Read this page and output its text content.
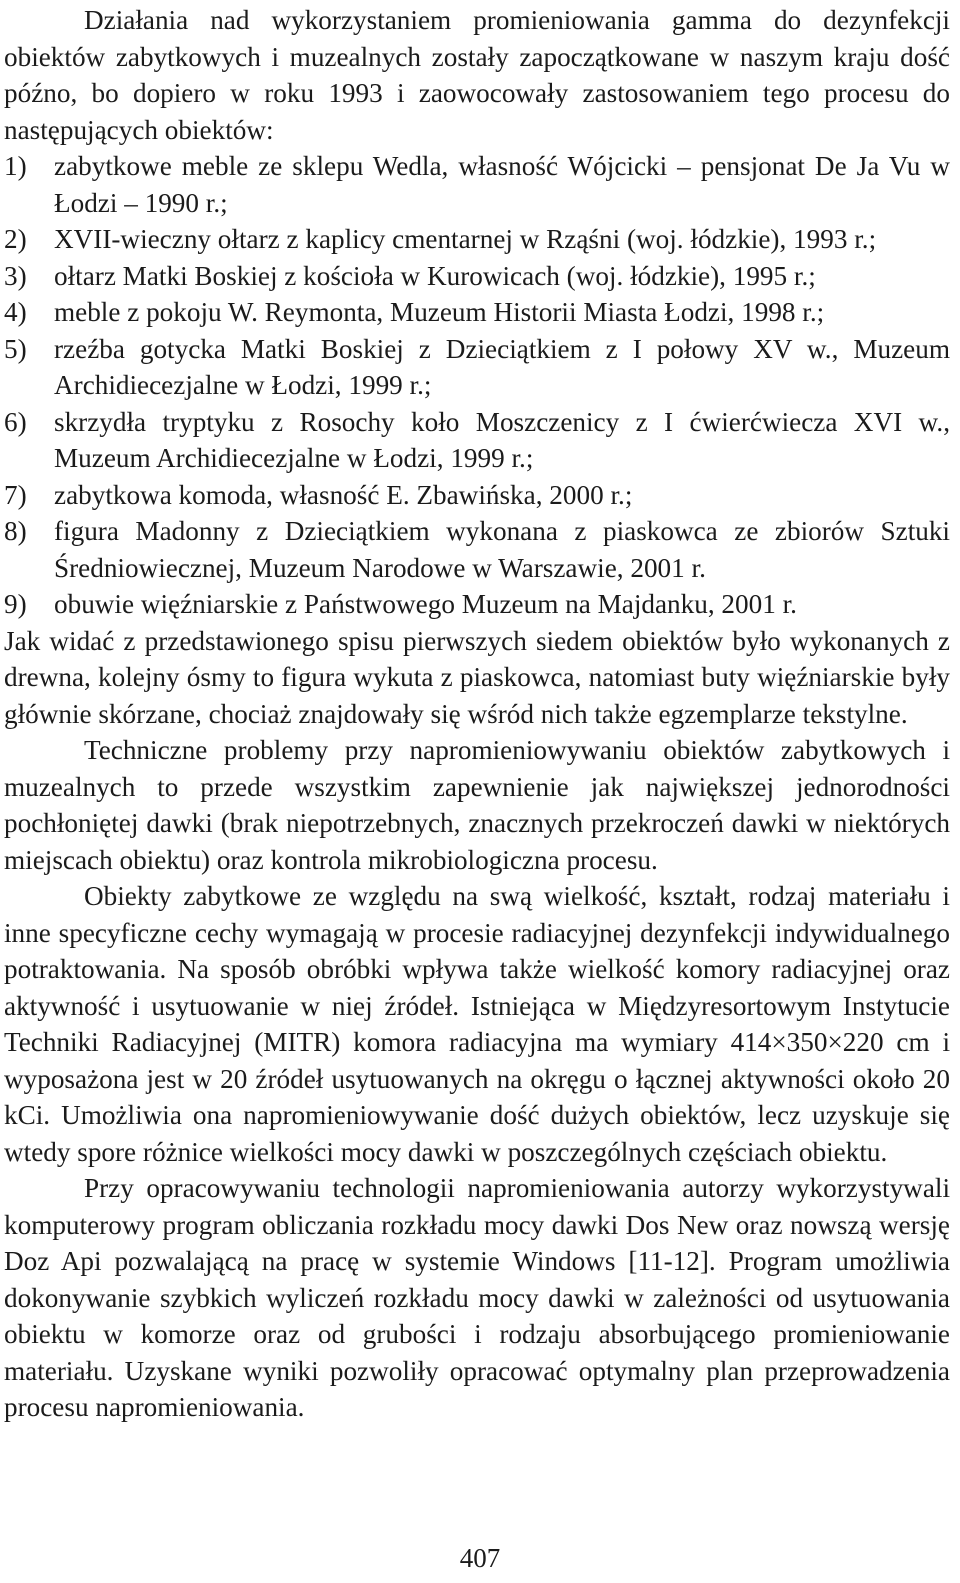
Działania nad wykorzystaniem promieniowania gamma do dezynfekcji obiektów zabytkowych i muzealnych zostały zapoczątkowane w naszym kraju dość późno, bo dopiero w roku 1993 i zaowocowały zastosowaniem tego procesu do następujących obiektów:

1) zabytkowe meble ze sklepu Wedla, własność Wójcicki – pensjonat De Ja Vu w Łodzi – 1990 r.;
2) XVII-wieczny ołtarz z kaplicy cmentarnej w Rząśni (woj. łódzkie), 1993 r.;
3) ołtarz Matki Boskiej z kościoła w Kurowicach (woj. łódzkie), 1995 r.;
4) meble z pokoju W. Reymonta, Muzeum Historii Miasta Łodzi, 1998 r.;
5) rzeźba gotycka Matki Boskiej z Dzieciątkiem z I połowy XV w., Muzeum Archidiecezjalne w Łodzi, 1999 r.;
6) skrzydła tryptyku z Rosochy koło Moszczenicy z I ćwierćwiecza XVI w., Muzeum Archidiecezjalne w Łodzi, 1999 r.;
7) zabytkowa komoda, własność E. Zbawińska, 2000 r.;
8) figura Madonny z Dzieciątkiem wykonana z piaskowca ze zbiorów Sztuki Średniowiecznej, Muzeum Narodowe w Warszawie, 2001 r.
9) obuwie więźniarskie z Państwowego Muzeum na Majdanku, 2001 r.

Jak widać z przedstawionego spisu pierwszych siedem obiektów było wykonanych z drewna, kolejny ósmy to figura wykuta z piaskowca, natomiast buty więźniarskie były głównie skórzane, chociaż znajdowały się wśród nich także egzemplarze tekstylne.

Techniczne problemy przy napromieniowywaniu obiektów zabytkowych i muzealnych to przede wszystkim zapewnienie jak największej jednorodności pochłoniętej dawki (brak niepotrzebnych, znacznych przekroczeń dawki w niektórych miejscach obiektu) oraz kontrola mikrobiologiczna procesu.

Obiekty zabytkowe ze względu na swą wielkość, kształt, rodzaj materiału i inne specyficzne cechy wymagają w procesie radiacyjnej dezynfekcji indywidualnego potraktowania. Na sposób obróbki wpływa także wielkość komory radiacyjnej oraz aktywność i usytuowanie w niej źródeł. Istniejąca w Międzyresortowym Instytucie Techniki Radiacyjnej (MITR) komora radiacyjna ma wymiary 414×350×220 cm i wyposażona jest w 20 źródeł usytuowanych na okręgu o łącznej aktywności około 20 kCi. Umożliwia ona napromieniowywanie dość dużych obiektów, lecz uzyskuje się wtedy spore różnice wielkości mocy dawki w poszczególnych częściach obiektu.

Przy opracowywaniu technologii napromieniowania autorzy wykorzystywali komputerowy program obliczania rozkładu mocy dawki Dos New oraz nowszą wersję Doz Api pozwalającą na pracę w systemie Windows [11-12]. Program umożliwia dokonywanie szybkich wyliczeń rozkładu mocy dawki w zależności od usytuowania obiektu w komorze oraz od grubości i rodzaju absorbującego promieniowanie materiału. Uzyskane wyniki pozwoliły opracować optymalny plan przeprowadzenia procesu napromieniowania.

407
